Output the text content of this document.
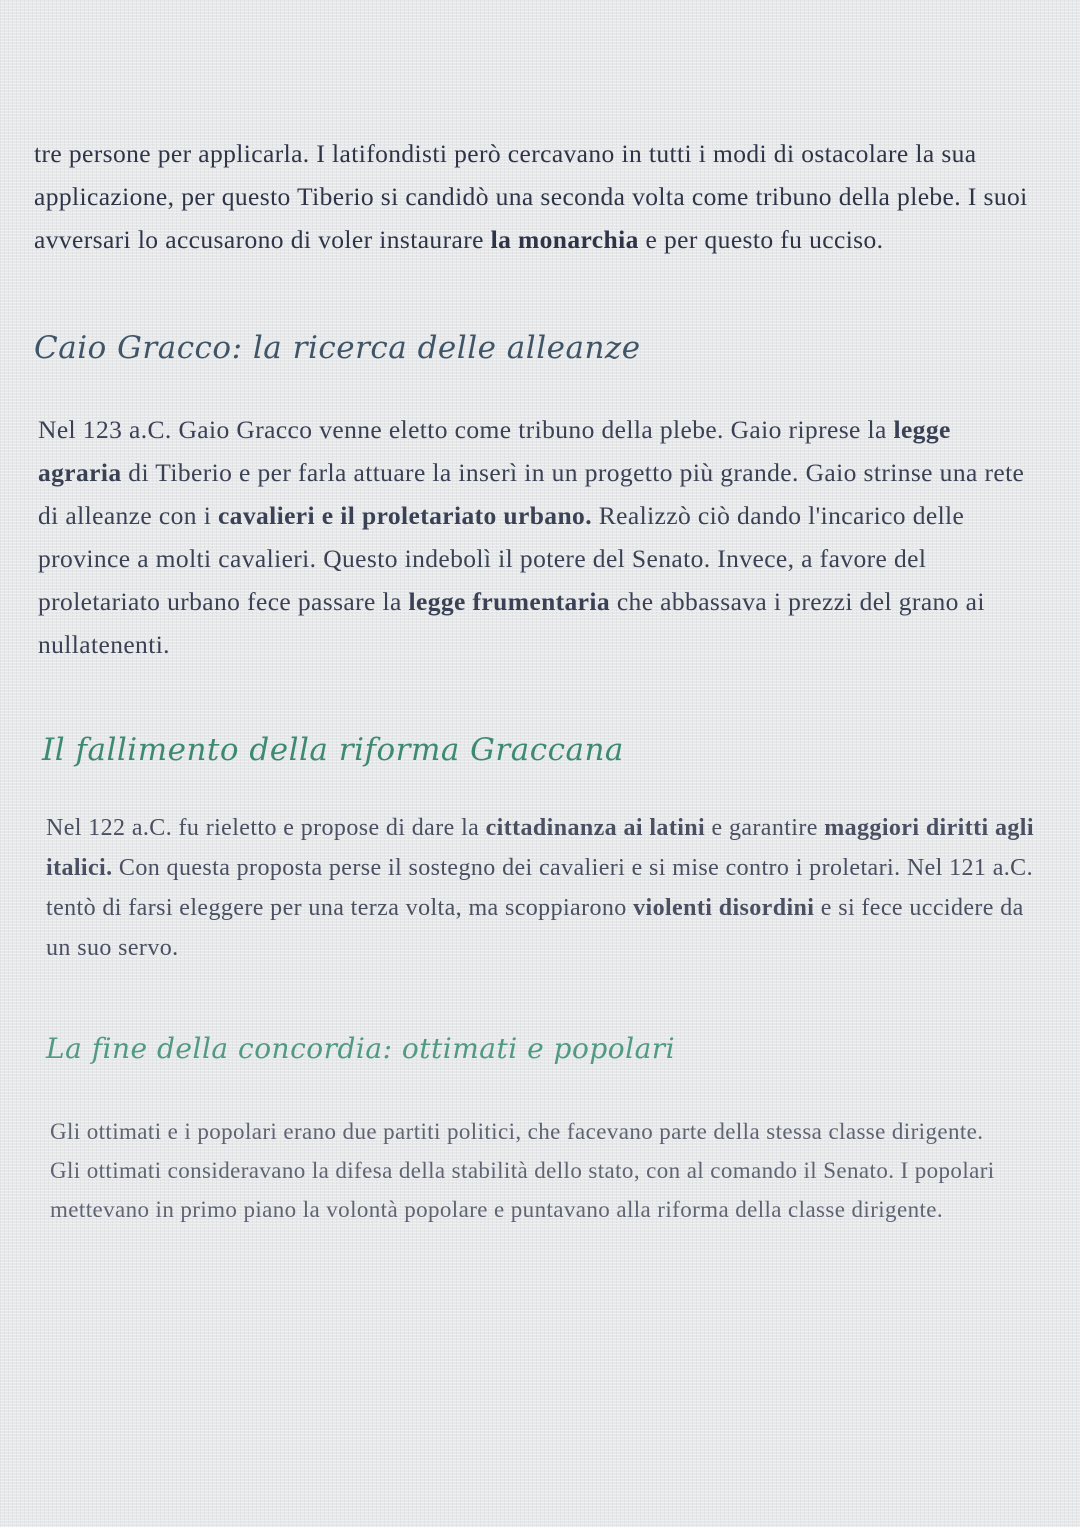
tre persone per applicarla. I latifondisti però cercavano in tutti i modi di ostacolare la sua applicazione, per questo Tiberio si candidò una seconda volta come tribuno della plebe. I suoi avversari lo accusarono di voler instaurare la monarchia e per questo fu ucciso.

Caio Gracco: la ricerca delle alleanze

Nel 123 a.C. Gaio Gracco venne eletto come tribuno della plebe. Gaio riprese la legge agraria di Tiberio e per farla attuare la inserì in un progetto più grande. Gaio strinse una rete di alleanze con i cavalieri e il proletariato urbano. Realizzò ciò dando l'incarico delle province a molti cavalieri. Questo indebolì il potere del Senato. Invece, a favore del proletariato urbano fece passare la legge frumentaria che abbassava i prezzi del grano ai nullatenenti.

Il fallimento della riforma Graccana

Nel 122 a.C. fu rieletto e propose di dare la cittadinanza ai latini e garantire maggiori diritti agli italici. Con questa proposta perse il sostegno dei cavalieri e si mise contro i proletari. Nel 121 a.C. tentò di farsi eleggere per una terza volta, ma scoppiarono violenti disordini e si fece uccidere da un suo servo.

La fine della concordia: ottimati e popolari

Gli ottimati e i popolari erano due partiti politici, che facevano parte della stessa classe dirigente. Gli ottimati consideravano la difesa della stabilità dello stato, con al comando il Senato. I popolari mettevano in primo piano la volontà popolare e puntavano alla riforma della classe dirigente.
